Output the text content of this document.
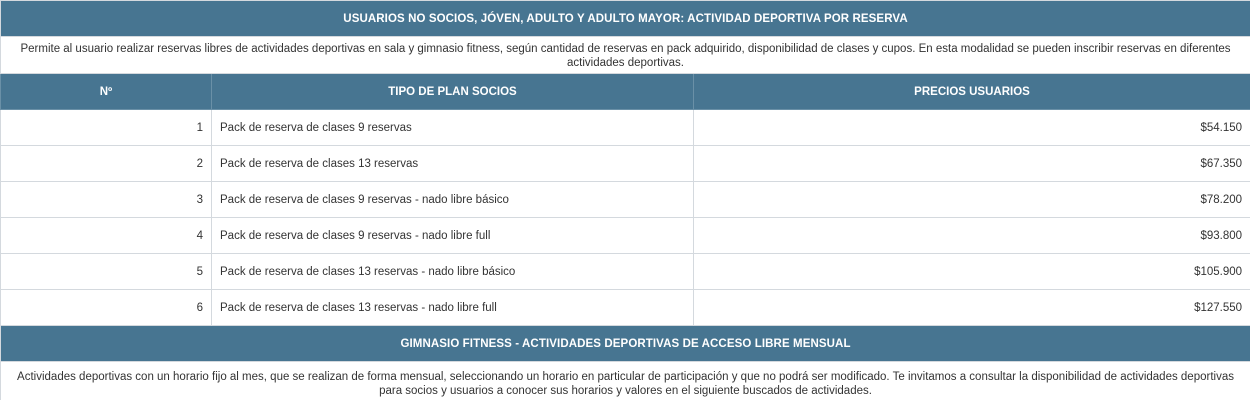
USUARIOS NO SOCIOS, JÓVEN, ADULTO Y ADULTO MAYOR: ACTIVIDAD DEPORTIVA POR RESERVA		
Permite al usuario realizar reservas libres de actividades deportivas en sala y gimnasio fitness, según cantidad de reservas en pack adquirido, disponibilidad de clases y cupos. En esta modalidad se pueden inscribir reservas en diferentes actividades deportivas.		
Nº	TIPO DE PLAN SOCIOS	PRECIOS USUARIOS
1	Pack de reserva de clases 9 reservas	$54.150
2	Pack de reserva de clases 13 reservas	$67.350
3	Pack de reserva de clases 9 reservas - nado libre básico	$78.200
4	Pack de reserva de clases 9 reservas - nado libre full	$93.800
5	Pack de reserva de clases 13 reservas - nado libre básico	$105.900
6	Pack de reserva de clases 13 reservas - nado libre full	$127.550
GIMNASIO FITNESS - ACTIVIDADES DEPORTIVAS DE ACCESO LIBRE MENSUAL		
Actividades deportivas con un horario fijo al mes, que se realizan de forma mensual, seleccionando un horario en particular de participación y que no podrá ser modificado. Te invitamos a consultar la disponibilidad de actividades deportivas para socios y usuarios a conocer sus horarios y valores en el siguiente buscados de actividades.		
